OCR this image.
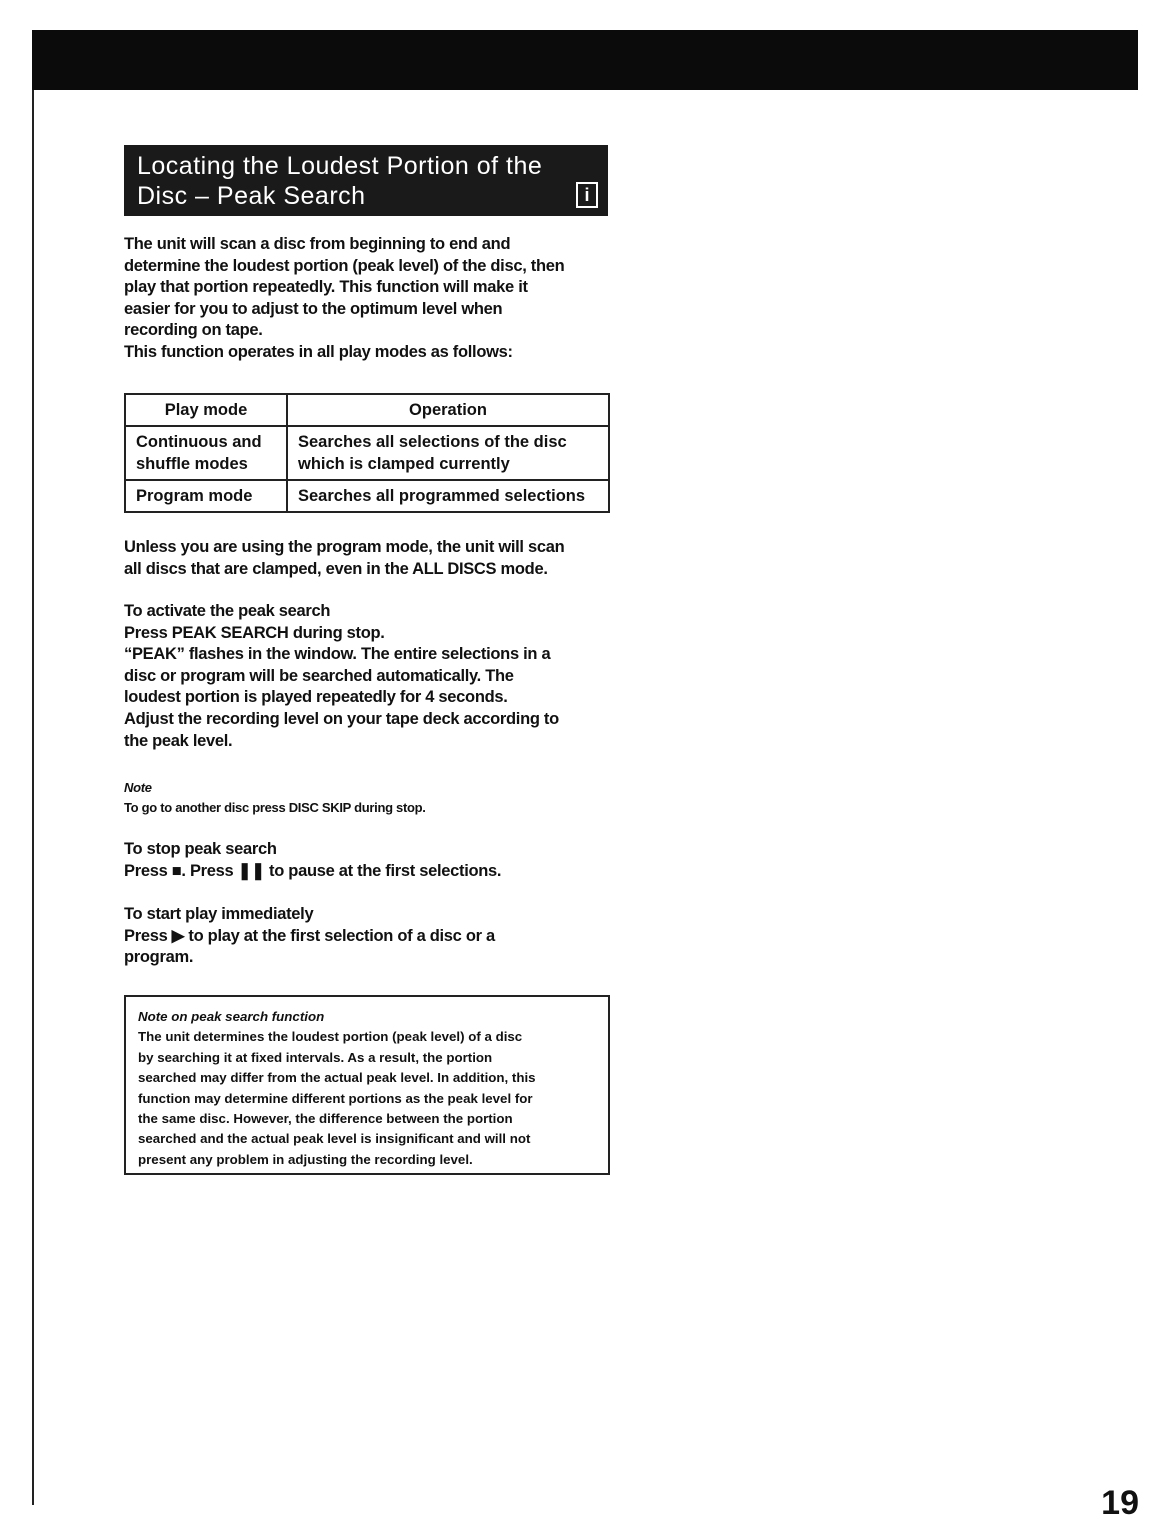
Locating the Loudest Portion of the Disc – Peak Search	i
The unit will scan a disc from beginning to end and
determine the loudest portion (peak level) of the disc, then
play that portion repeatedly. This function will make it
easier for you to adjust to the optimum level when
recording on tape.
This function operates in all play modes as follows:
Play mode	Operation
Continuous and shuffle modes	Searches all selections of the disc which is clamped currently
Program mode	Searches all programmed selections
Unless you are using the program mode, the unit will scan
all discs that are clamped, even in the ALL DISCS mode.
To activate the peak search
Press PEAK SEARCH during stop.
“PEAK” flashes in the window. The entire selections in a
disc or program will be searched automatically. The
loudest portion is played repeatedly for 4 seconds.
Adjust the recording level on your tape deck according to
the peak level.
Note
To go to another disc press DISC SKIP during stop.
To stop peak search
Press ■. Press ❚❚ to pause at the first selections.
To start play immediately
Press ▶ to play at the first selection of a disc or a
program.
Note on peak search function
The unit determines the loudest portion (peak level) of a disc
by searching it at fixed intervals. As a result, the portion
searched may differ from the actual peak level. In addition, this
function may determine different portions as the peak level for
the same disc. However, the difference between the portion
searched and the actual peak level is insignificant and will not
present any problem in adjusting the recording level.
19
